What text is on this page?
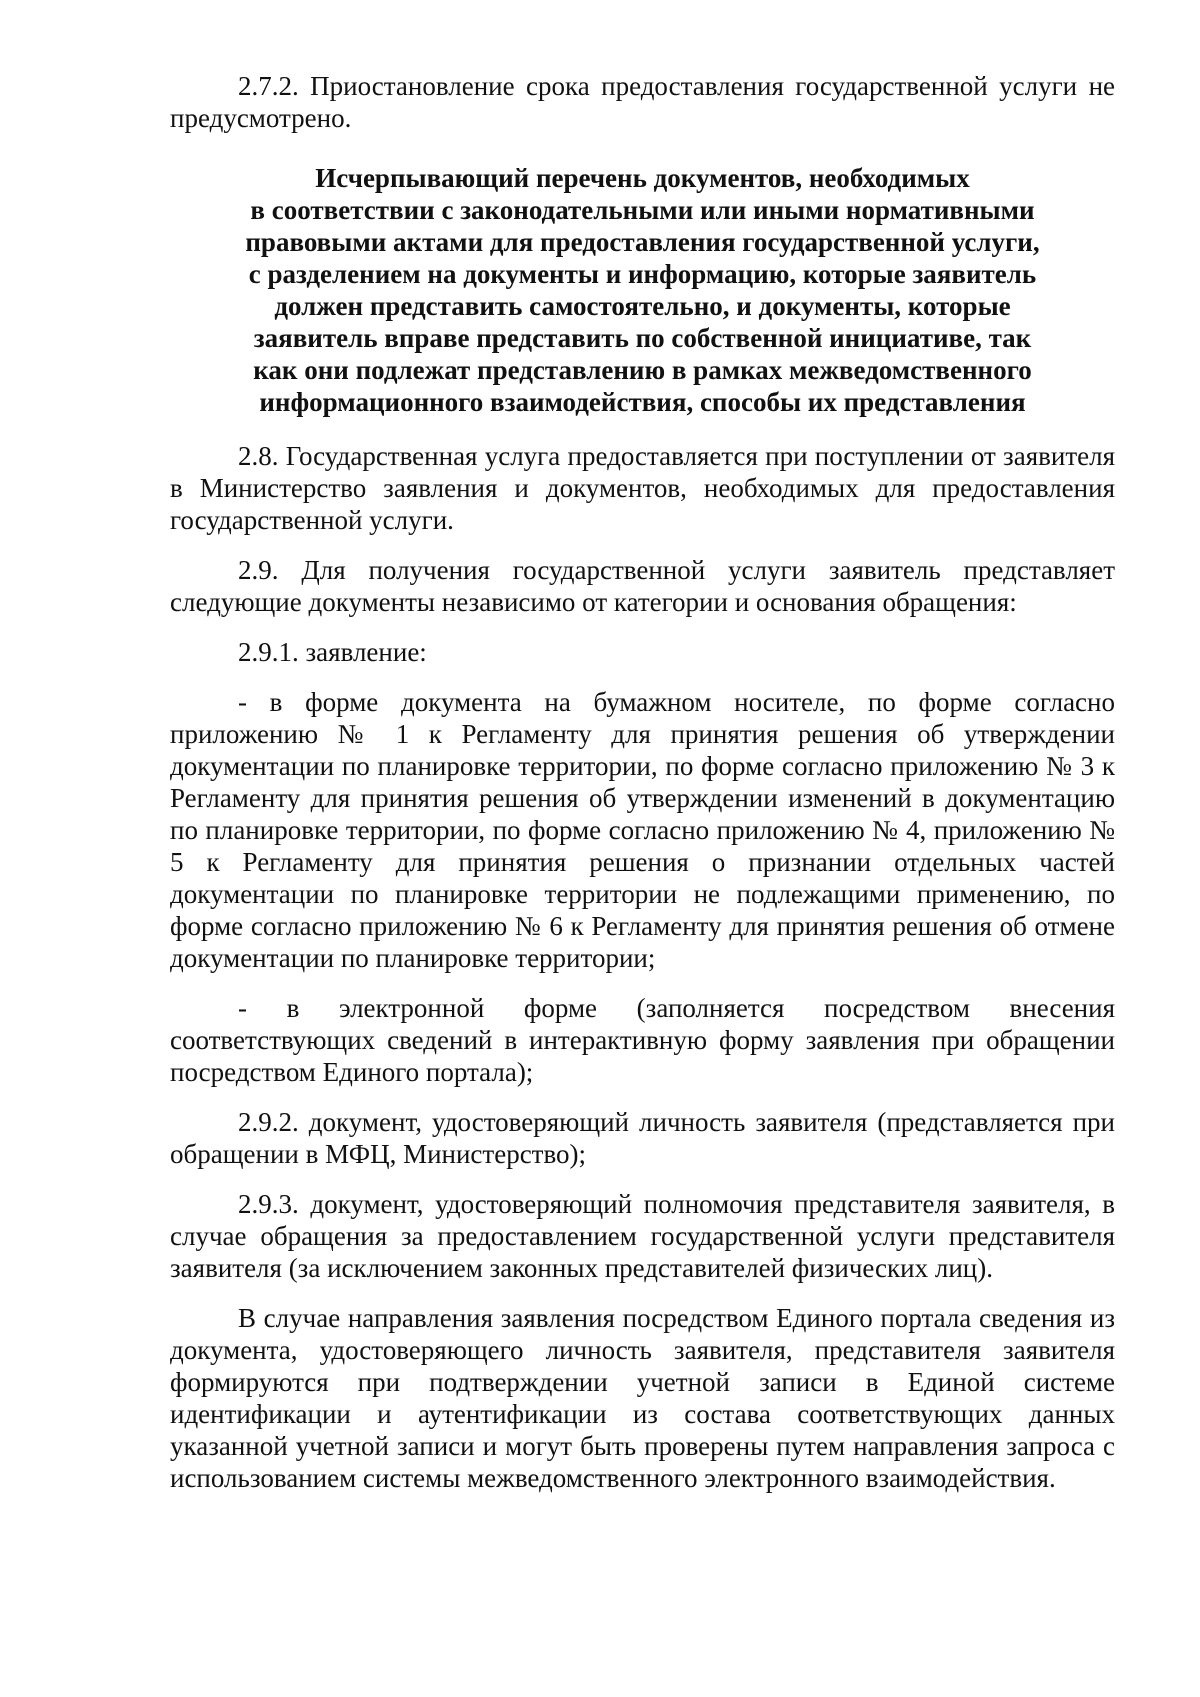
2.7.2. Приостановление срока предоставления государственной услуги не предусмотрено.

Исчерпывающий перечень документов, необходимых
в соответствии с законодательными или иными нормативными
правовыми актами для предоставления государственной услуги,
с разделением на документы и информацию, которые заявитель
должен представить самостоятельно, и документы, которые
заявитель вправе представить по собственной инициативе, так
как они подлежат представлению в рамках межведомственного
информационного взаимодействия, способы их представления

2.8. Государственная услуга предоставляется при поступлении от заявителя в Министерство заявления и документов, необходимых для предоставления государственной услуги.

2.9. Для получения государственной услуги заявитель представляет следующие документы независимо от категории и основания обращения:

2.9.1. заявление:

- в форме документа на бумажном носителе, по форме согласно приложению № 1 к Регламенту для принятия решения об утверждении документации по планировке территории, по форме согласно приложению № 3 к Регламенту для принятия решения об утверждении изменений в документацию по планировке территории, по форме согласно приложению № 4, приложению № 5 к Регламенту для принятия решения о признании отдельных частей документации по планировке территории не подлежащими применению, по форме согласно приложению № 6 к Регламенту для принятия решения об отмене документации по планировке территории;

- в электронной форме (заполняется посредством внесения соответствующих сведений в интерактивную форму заявления при обращении посредством Единого портала);

2.9.2. документ, удостоверяющий личность заявителя (представляется при обращении в МФЦ, Министерство);

2.9.3. документ, удостоверяющий полномочия представителя заявителя, в случае обращения за предоставлением государственной услуги представителя заявителя (за исключением законных представителей физических лиц).

В случае направления заявления посредством Единого портала сведения из документа, удостоверяющего личность заявителя, представителя заявителя формируются при подтверждении учетной записи в Единой системе идентификации и аутентификации из состава соответствующих данных указанной учетной записи и могут быть проверены путем направления запроса с использованием системы межведомственного электронного взаимодействия.
